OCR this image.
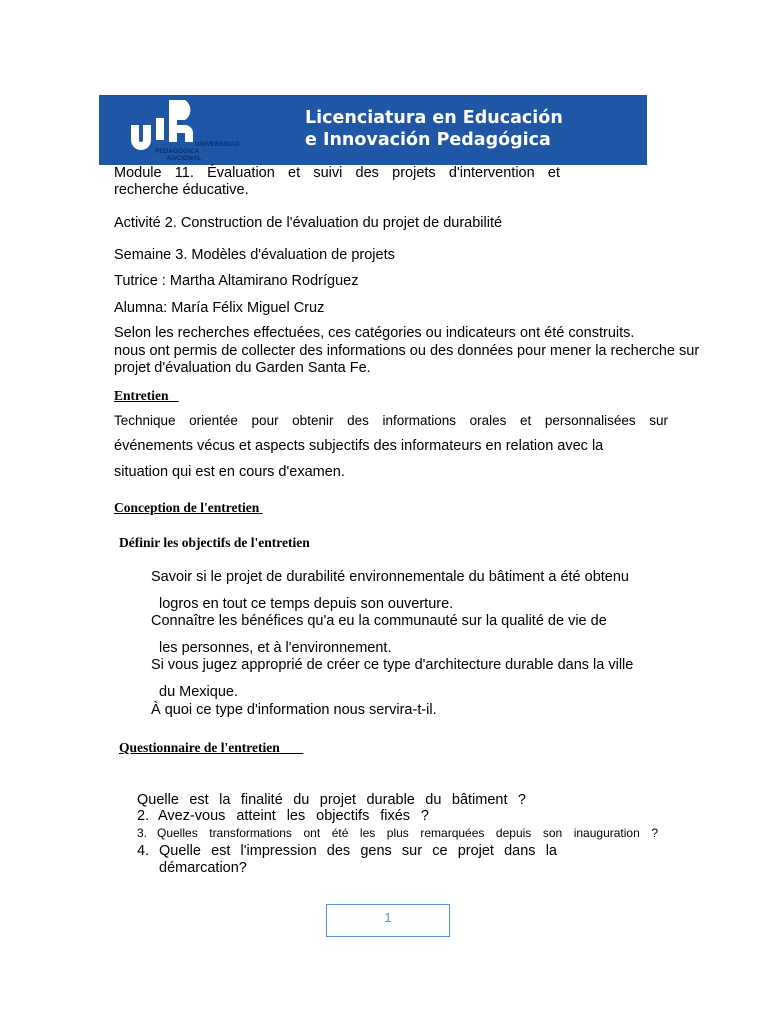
UNIVERSIDAD
PEDAGÓGICA
NACIONAL
Licenciatura en Educación
e Innovación Pedagógica
Module 11. Évaluation et suivi des projets d'intervention et
recherche éducative.
Activité 2. Construction de l'évaluation du projet de durabilité
Semaine 3. Modèles d'évaluation de projets
Tutrice : Martha Altamirano Rodríguez
Alumna: María Félix Miguel Cruz
Selon les recherches effectuées, ces catégories ou indicateurs ont été construits.
nous ont permis de collecter des informations ou des données pour mener la recherche sur
projet d'évaluation du Garden Santa Fe.
Entretien
Technique orientée pour obtenir des informations orales et personnalisées sur
événements vécus et aspects subjectifs des informateurs en relation avec la
situation qui est en cours d'examen.
Conception de l'entretien
Définir les objectifs de l'entretien
Savoir si le projet de durabilité environnementale du bâtiment a été obtenu
logros en tout ce temps depuis son ouverture.
Connaître les bénéfices qu'a eu la communauté sur la qualité de vie de
les personnes, et à l'environnement.
Si vous jugez approprié de créer ce type d'architecture durable dans la ville
du Mexique.
À quoi ce type d'information nous servira-t-il.
Questionnaire de l'entretien
Quelle est la finalité du projet durable du bâtiment ?
2. Avez-vous atteint les objectifs fixés ?
3. Quelles transformations ont été les plus remarquées depuis son inauguration ?
4. Quelle est l'impression des gens sur ce projet dans la
démarcation?
1
